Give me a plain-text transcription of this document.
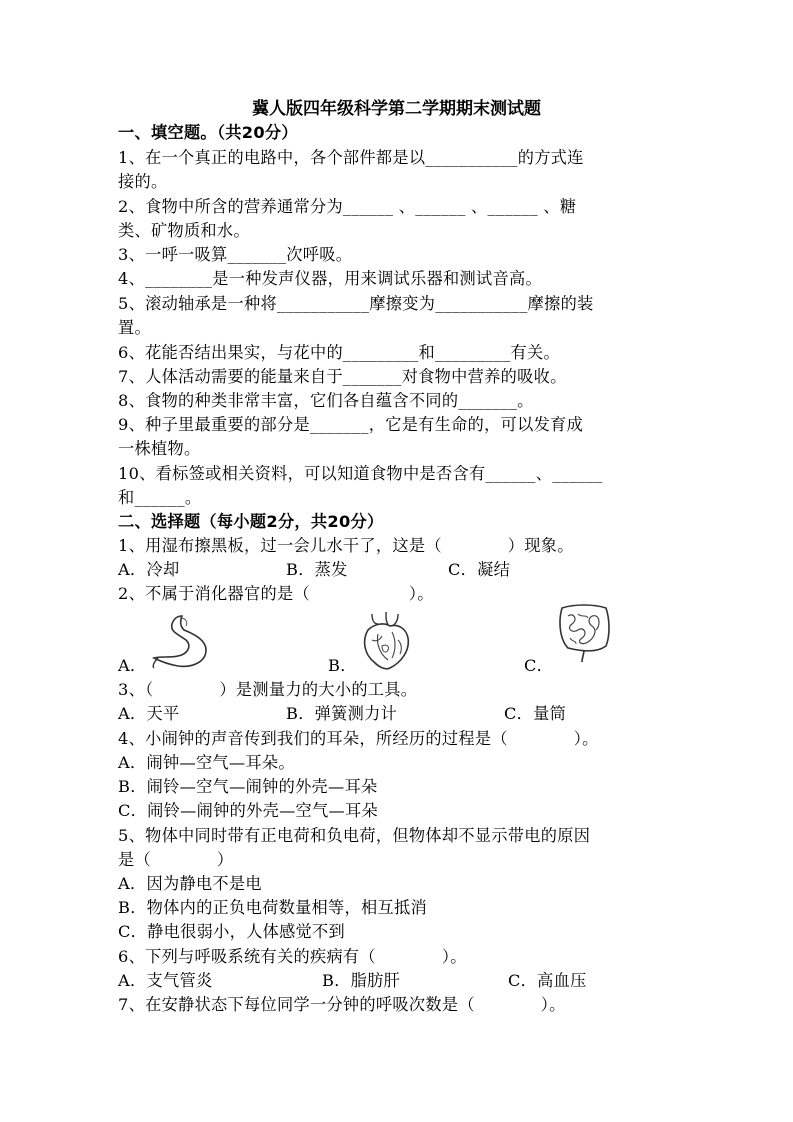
冀人版四年级科学第二学期期末测试题
一、填空题。（共20分）
1、在一个真正的电路中，各个部件都是以___________的方式连
接的。
2、食物中所含的营养通常分为______ 、______ 、______ 、糖
类、矿物质和水。
3、一呼一吸算_______次呼吸。
4、________是一种发声仪器，用来调试乐器和测试音高。
5、滚动轴承是一种将___________摩擦变为___________摩擦的装
置。
6、花能否结出果实，与花中的_________和_________有关。
7、人体活动需要的能量来自于_______对食物中营养的吸收。
8、食物的种类非常丰富，它们各自蕴含不同的_______。
9、种子里最重要的部分是_______，它是有生命的，可以发育成
一株植物。
10、看标签或相关资料，可以知道食物中是否含有______、______
和______。
二、选择题（每小题2分，共20分）
1、用湿布擦黑板，过一会儿水干了，这是（　　　　）现象。
A．冷却	B．蒸发	C．凝结
2、不属于消化器官的是（　　　　　　）。
A．	B．	C．
3、（　　　　）是测量力的大小的工具。
A．天平	B．弹簧测力计	C．量筒
4、小闹钟的声音传到我们的耳朵，所经历的过程是（　　　　）。
A．闹钟—空气—耳朵。
B．闹铃—空气—闹钟的外壳—耳朵
C．闹铃—闹钟的外壳—空气—耳朵
5、物体中同时带有正电荷和负电荷，但物体却不显示带电的原因
是（　　　　）
A．因为静电不是电
B．物体内的正负电荷数量相等，相互抵消
C．静电很弱小，人体感觉不到
6、下列与呼吸系统有关的疾病有（　　　　）。
A．支气管炎	B．脂肪肝	C．高血压
7、在安静状态下每位同学一分钟的呼吸次数是（　　　　）。
